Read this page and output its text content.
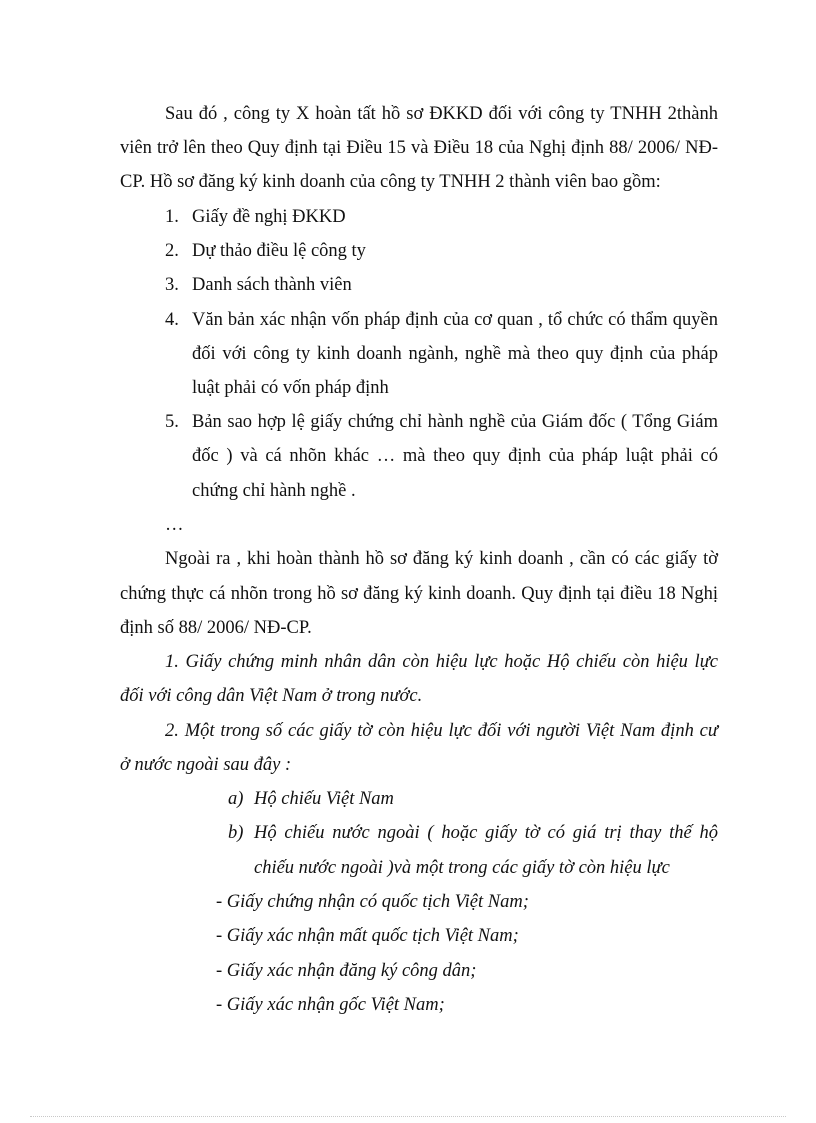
Sau đó , công ty X hoàn tất hồ sơ ĐKKD đối với công ty TNHH 2thành
viên trở lên theo Quy định tại Điều 15 và Điều 18 của Nghị định 88/ 2006/ NĐ-
CP. Hồ sơ đăng ký kinh doanh của công ty TNHH 2 thành viên bao gồm:
1. Giấy đề nghị ĐKKD
2. Dự thảo điều lệ công ty
3. Danh sách thành viên
4. Văn bản xác nhận vốn pháp định của cơ quan , tổ chức có thẩm quyền
đối với công ty kinh doanh ngành, nghề mà theo quy định của pháp
luật phải có vốn pháp định
5. Bản sao hợp lệ giấy chứng chỉ hành nghề của Giám đốc ( Tổng Giám
đốc ) và cá nhõn khác … mà theo quy định của pháp luật phải có
chứng chỉ hành nghề .
…
Ngoài ra , khi hoàn thành hồ sơ đăng ký kinh doanh , cần có các giấy tờ
chứng thực cá nhõn trong hồ sơ đăng ký kinh doanh. Quy định tại điều 18 Nghị
định số 88/ 2006/ NĐ-CP.
1. Giấy chứng minh nhân dân còn hiệu lực hoặc Hộ chiếu còn hiệu lực
đối với công dân Việt Nam ở trong nước.
2. Một trong số các giấy tờ còn hiệu lực đối với người Việt Nam định cư
ở nước ngoài sau đây :
a) Hộ chiếu Việt Nam
b) Hộ chiếu nước ngoài ( hoặc giấy tờ có giá trị thay thế hộ
chiếu nước ngoài )và một trong các giấy tờ còn hiệu lực
- Giấy chứng nhận có quốc tịch Việt Nam;
- Giấy xác nhận mất quốc tịch Việt Nam;
- Giấy xác nhận đăng ký công dân;
- Giấy xác nhận gốc Việt Nam;
